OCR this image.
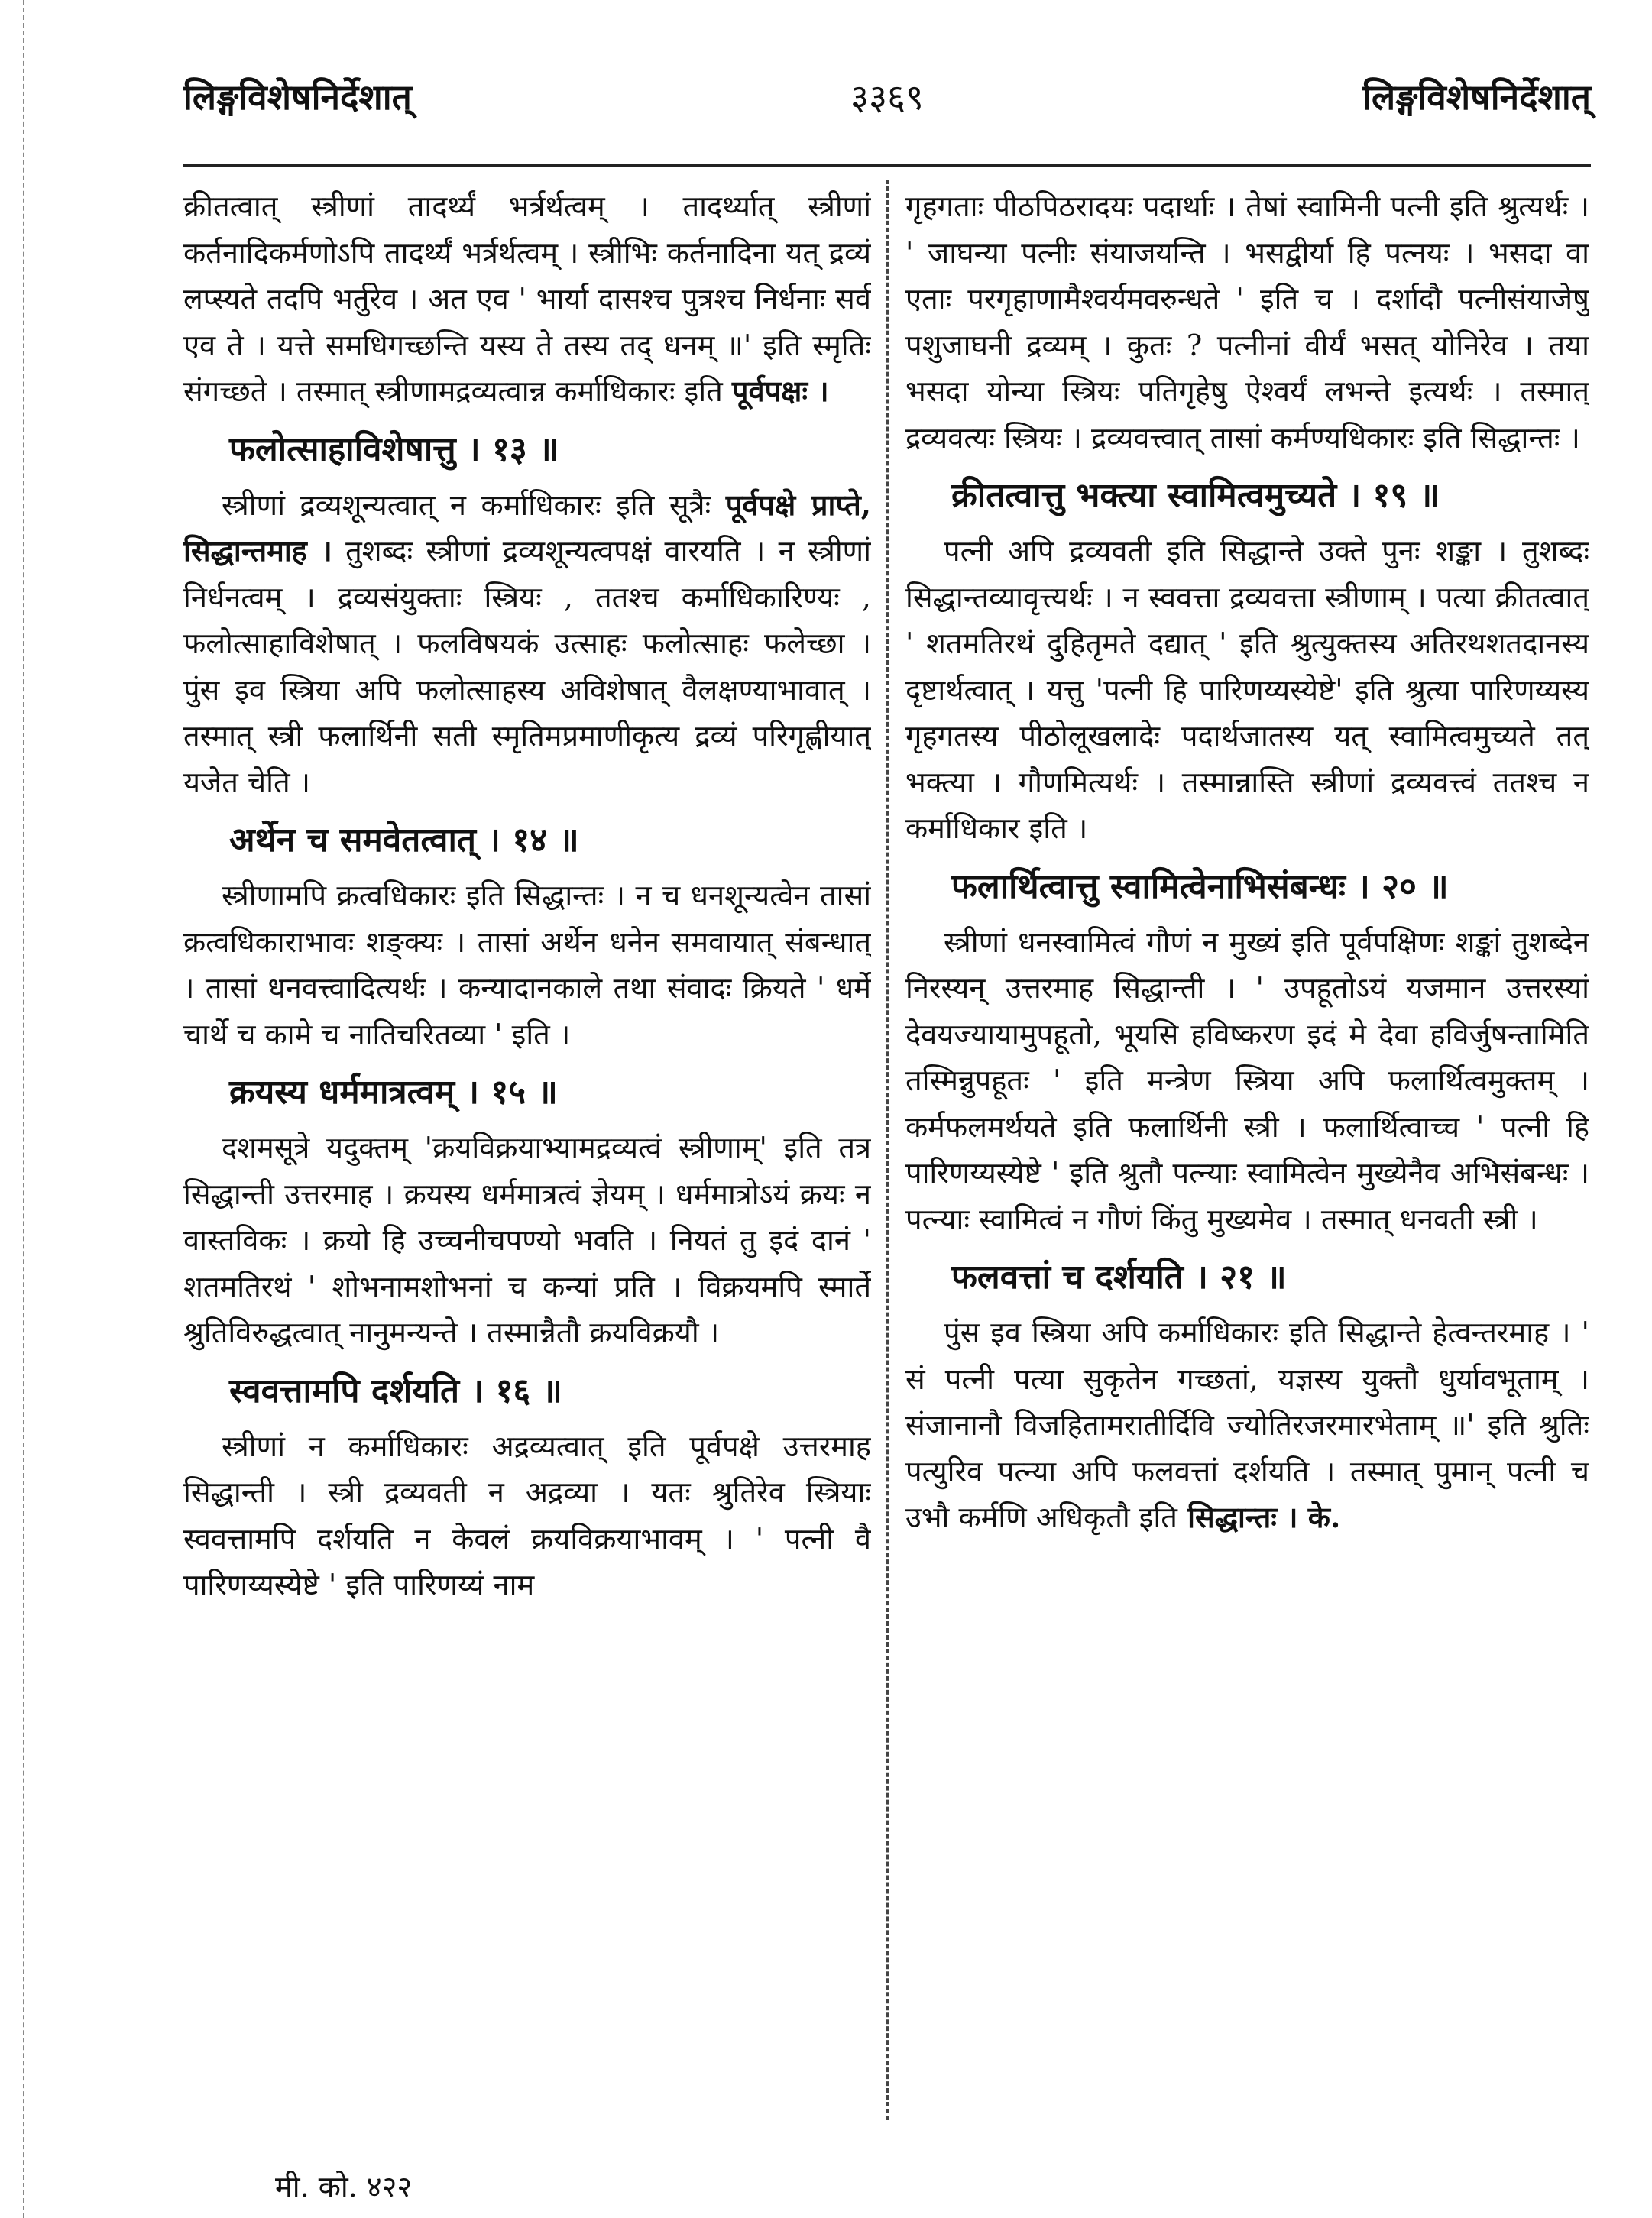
लिङ्गविशेषनिर्देशात्	३३६९	लिङ्गविशेषनिर्देशात्

क्रीतत्वात् स्त्रीणां तादर्थ्यं भर्त्रर्थत्वम् । तादर्थ्यात् स्त्रीणां कर्तनादिकर्मणोऽपि तादर्थ्यं भर्त्रर्थत्वम् । स्त्रीभिः कर्तनादिना यत् द्रव्यं लप्स्यते तदपि भर्तुरेव । अत एव ' भार्या दासश्च पुत्रश्च निर्धनाः सर्व एव ते । यत्ते समधिगच्छन्ति यस्य ते तस्य तद् धनम् ॥' इति स्मृतिः संगच्छते । तस्मात् स्त्रीणामद्रव्यत्वान्न कर्माधिकारः इति पूर्वपक्षः ।

फलोत्साहाविशेषात्तु । १३ ॥

स्त्रीणां द्रव्यशून्यत्वात् न कर्माधिकारः इति सूत्रैः पूर्वपक्षे प्राप्ते, सिद्धान्तमाह । तुशब्दः स्त्रीणां द्रव्यशून्यत्वपक्षं वारयति । न स्त्रीणां निर्धनत्वम् । द्रव्यसंयुक्ताः स्त्रियः , ततश्च कर्माधिकारिण्यः , फलोत्साहाविशेषात् । फलविषयकं उत्साहः फलोत्साहः फलेच्छा । पुंस इव स्त्रिया अपि फलोत्साहस्य अविशेषात् वैलक्षण्याभावात् । तस्मात् स्त्री फलार्थिनी सती स्मृतिमप्रमाणीकृत्य द्रव्यं परिगृह्णीयात् यजेत चेति ।

अर्थेन च समवेतत्वात् । १४ ॥

स्त्रीणामपि क्रत्वधिकारः इति सिद्धान्तः । न च धनशून्यत्वेन तासां क्रत्वधिकाराभावः शङ्क्यः । तासां अर्थेन धनेन समवायात् संबन्धात् । तासां धनवत्त्वादित्यर्थः । कन्यादानकाले तथा संवादः क्रियते ' धर्मे चार्थे च कामे च नातिचरितव्या ' इति ।

क्रयस्य धर्ममात्रत्वम् । १५ ॥

दशमसूत्रे यदुक्तम् 'क्रयविक्रयाभ्यामद्रव्यत्वं स्त्रीणाम्' इति तत्र सिद्धान्ती उत्तरमाह । क्रयस्य धर्ममात्रत्वं ज्ञेयम् । धर्ममात्रोऽयं क्रयः न वास्तविकः । क्रयो हि उच्चनीचपण्यो भवति । नियतं तु इदं दानं ' शतमतिरथं ' शोभनामशोभनां च कन्यां प्रति । विक्रयमपि स्मार्ते श्रुतिविरुद्धत्वात् नानुमन्यन्ते । तस्मान्नैतौ क्रयविक्रयौ ।

स्ववत्तामपि दर्शयति । १६ ॥

स्त्रीणां न कर्माधिकारः अद्रव्यत्वात् इति पूर्वपक्षे उत्तरमाह सिद्धान्ती । स्त्री द्रव्यवती न अद्रव्या । यतः श्रुतिरेव स्त्रियाः स्ववत्तामपि दर्शयति न केवलं क्रयविक्रयाभावम् । ' पत्नी वै पारिणय्यस्येष्टे ' इति पारिणय्यं नाम

गृहगताः पीठपिठरादयः पदार्थाः । तेषां स्वामिनी पत्नी इति श्रुत्यर्थः । ' जाघन्या पत्नीः संयाजयन्ति । भसद्वीर्या हि पत्नयः । भसदा वा एताः परगृहाणामैश्वर्यमवरुन्धते ' इति च । दर्शादौ पत्नीसंयाजेषु पशुजाघनी द्रव्यम् । कुतः ? पत्नीनां वीर्यं भसत् योनिरेव । तया भसदा योन्या स्त्रियः पतिगृहेषु ऐश्वर्यं लभन्ते इत्यर्थः । तस्मात् द्रव्यवत्यः स्त्रियः । द्रव्यवत्त्वात् तासां कर्मण्यधिकारः इति सिद्धान्तः ।

क्रीतत्वात्तु भक्त्या स्वामित्वमुच्यते । १९ ॥

पत्नी अपि द्रव्यवती इति सिद्धान्ते उक्ते पुनः शङ्का । तुशब्दः सिद्धान्तव्यावृत्त्यर्थः । न स्ववत्ता द्रव्यवत्ता स्त्रीणाम् । पत्या क्रीतत्वात् ' शतमतिरथं दुहितृमते दद्यात् ' इति श्रुत्युक्तस्य अतिरथशतदानस्य दृष्टार्थत्वात् । यत्तु 'पत्नी हि पारिणय्यस्येष्टे' इति श्रुत्या पारिणय्यस्य गृहगतस्य पीठोलूखलादेः पदार्थजातस्य यत् स्वामित्वमुच्यते तत् भक्त्या । गौणमित्यर्थः । तस्मान्नास्ति स्त्रीणां द्रव्यवत्त्वं ततश्च न कर्माधिकार इति ।

फलार्थित्वात्तु स्वामित्वेनाभिसंबन्धः । २० ॥

स्त्रीणां धनस्वामित्वं गौणं न मुख्यं इति पूर्वपक्षिणः शङ्कां तुशब्देन निरस्यन् उत्तरमाह सिद्धान्ती । ' उपहूतोऽयं यजमान उत्तरस्यां देवयज्यायामुपहूतो, भूयसि हविष्करण इदं मे देवा हविर्जुषन्तामिति तस्मिन्नुपहूतः ' इति मन्त्रेण स्त्रिया अपि फलार्थित्वमुक्तम् । कर्मफलमर्थयते इति फलार्थिनी स्त्री । फलार्थित्वाच्च ' पत्नी हि पारिणय्यस्येष्टे ' इति श्रुतौ पत्न्याः स्वामित्वेन मुख्येनैव अभिसंबन्धः । पत्न्याः स्वामित्वं न गौणं किंतु मुख्यमेव । तस्मात् धनवती स्त्री ।

फलवत्तां च दर्शयति । २१ ॥

पुंस इव स्त्रिया अपि कर्माधिकारः इति सिद्धान्ते हेत्वन्तरमाह । ' सं पत्नी पत्या सुकृतेन गच्छतां, यज्ञस्य युक्तौ धुर्यावभूताम् । संजानानौ विजहितामरातीर्दिवि ज्योतिरजरमारभेताम् ॥' इति श्रुतिः पत्युरिव पत्न्या अपि फलवत्तां दर्शयति । तस्मात् पुमान् पत्नी च उभौ कर्मणि अधिकृतौ इति सिद्धान्तः । के.

मी. को. ४२२
